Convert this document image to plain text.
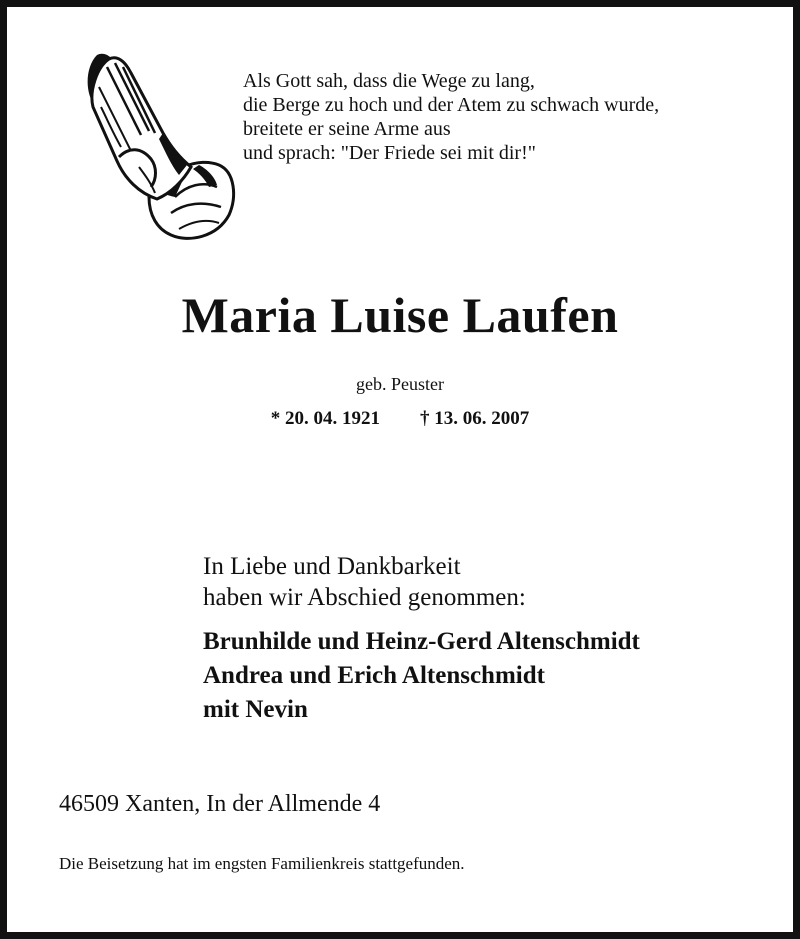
Als Gott sah, dass die Wege zu lang,
die Berge zu hoch und der Atem zu schwach wurde,
breitete er seine Arme aus
und sprach: "Der Friede sei mit dir!"
Maria Luise Laufen
geb. Peuster
* 20. 04. 1921 † 13. 06. 2007
In Liebe und Dankbarkeit
haben wir Abschied genommen:
Brunhilde und Heinz-Gerd Altenschmidt
Andrea und Erich Altenschmidt
mit Nevin
46509 Xanten, In der Allmende 4
Die Beisetzung hat im engsten Familienkreis stattgefunden.
